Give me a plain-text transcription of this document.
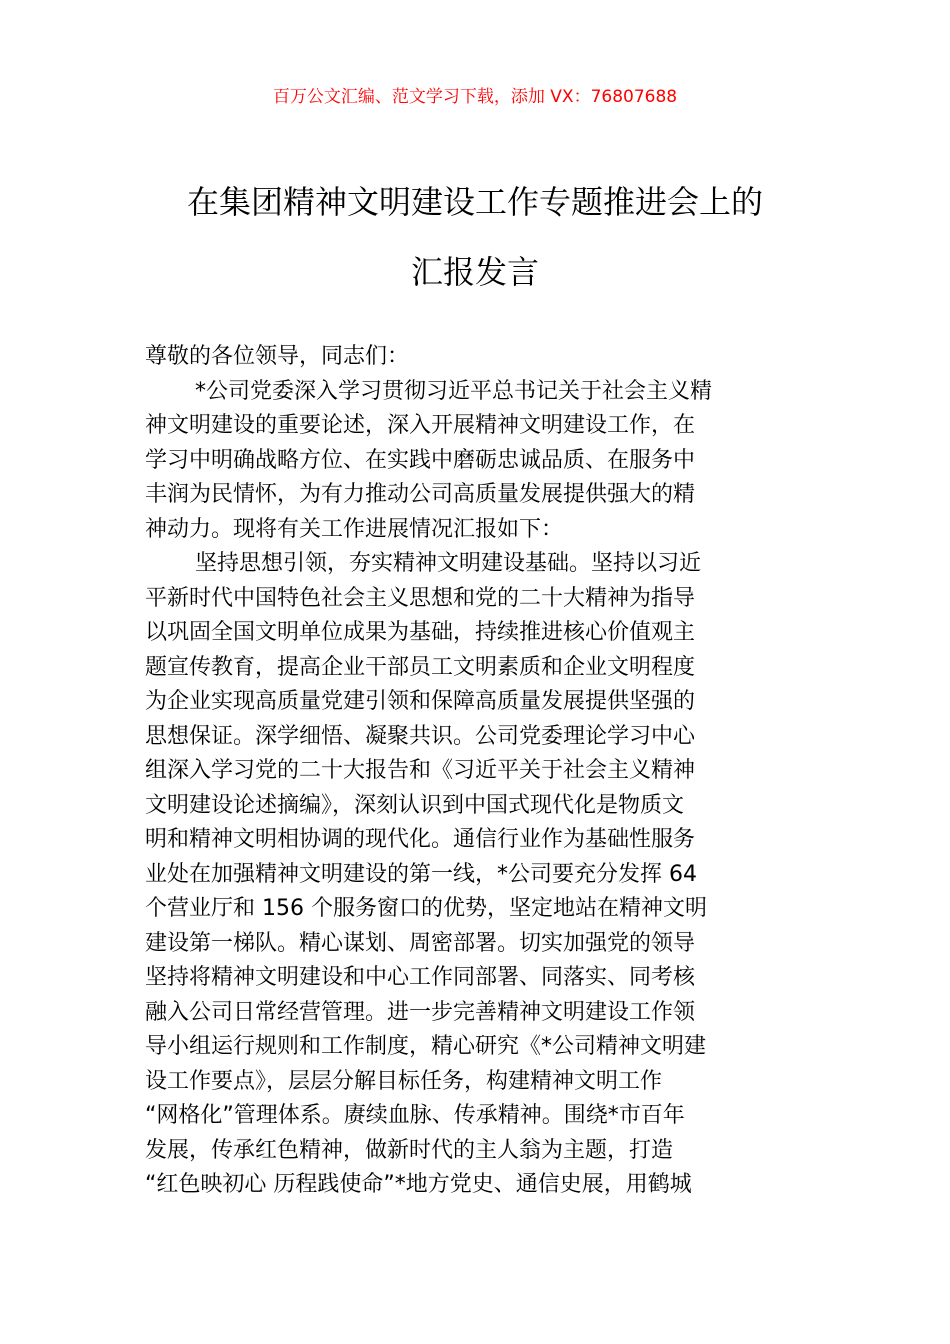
百万公文汇编、范文学习下载，添加 VX：76807688
在集团精神文明建设工作专题推进会上的
汇报发言
尊敬的各位领导，同志们：
*公司党委深入学习贯彻习近平总书记关于社会主义精
神文明建设的重要论述，深入开展精神文明建设工作，在
学习中明确战略方位、在实践中磨砺忠诚品质、在服务中
丰润为民情怀，为有力推动公司高质量发展提供强大的精
神动力。现将有关工作进展情况汇报如下：
坚持思想引领，夯实精神文明建设基础。坚持以习近
平新时代中国特色社会主义思想和党的二十大精神为指导
以巩固全国文明单位成果为基础，持续推进核心价值观主
题宣传教育，提高企业干部员工文明素质和企业文明程度
为企业实现高质量党建引领和保障高质量发展提供坚强的
思想保证。深学细悟、凝聚共识。公司党委理论学习中心
组深入学习党的二十大报告和《习近平关于社会主义精神
文明建设论述摘编》，深刻认识到中国式现代化是物质文
明和精神文明相协调的现代化。通信行业作为基础性服务
业处在加强精神文明建设的第一线，*公司要充分发挥 64
个营业厅和 156 个服务窗口的优势，坚定地站在精神文明
建设第一梯队。精心谋划、周密部署。切实加强党的领导
坚持将精神文明建设和中心工作同部署、同落实、同考核
融入公司日常经营管理。进一步完善精神文明建设工作领
导小组运行规则和工作制度，精心研究《*公司精神文明建
设工作要点》，层层分解目标任务，构建精神文明工作
“网格化”管理体系。赓续血脉、传承精神。围绕*市百年
发展，传承红色精神，做新时代的主人翁为主题，打造
“红色映初心 历程践使命”*地方党史、通信史展，用鹤城
